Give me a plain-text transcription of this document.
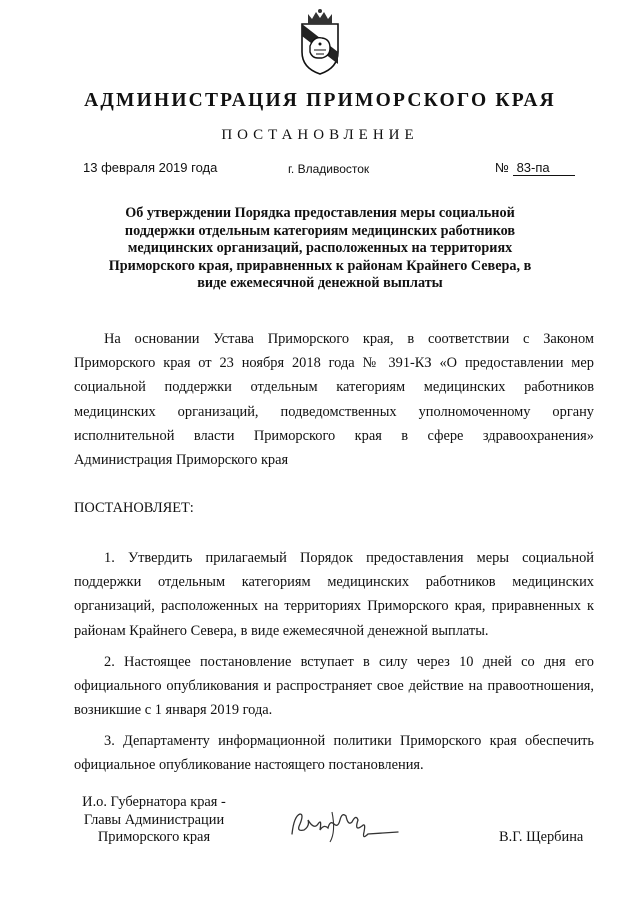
АДМИНИСТРАЦИЯ ПРИМОРСКОГО КРАЯ
ПОСТАНОВЛЕНИЕ
13 февраля 2019 года	г. Владивосток	№ 83-па
Об утверждении Порядка предоставления меры социальной поддержки отдельным категориям медицинских работников медицинских организаций, расположенных на территориях Приморского края, приравненных к районам Крайнего Севера, в виде ежемесячной денежной выплаты

На основании Устава Приморского края, в соответствии с Законом Приморского края от 23 ноября 2018 года № 391-КЗ «О предоставлении мер социальной поддержки отдельным категориям медицинских работников медицинских организаций, подведомственных уполномоченному органу исполнительной власти Приморского края в сфере здравоохранения» Администрация Приморского края

ПОСТАНОВЛЯЕТ:

1. Утвердить прилагаемый Порядок предоставления меры социальной поддержки отдельным категориям медицинских работников медицинских организаций, расположенных на территориях Приморского края, приравненных к районам Крайнего Севера, в виде ежемесячной денежной выплаты.

2. Настоящее постановление вступает в силу через 10 дней со дня его официального опубликования и распространяет свое действие на правоотношения, возникшие с 1 января 2019 года.

3. Департаменту информационной политики Приморского края обеспечить официальное опубликование настоящего постановления.

И.о. Губернатора края -
Главы Администрации
Приморского края	В.Г. Щербина
